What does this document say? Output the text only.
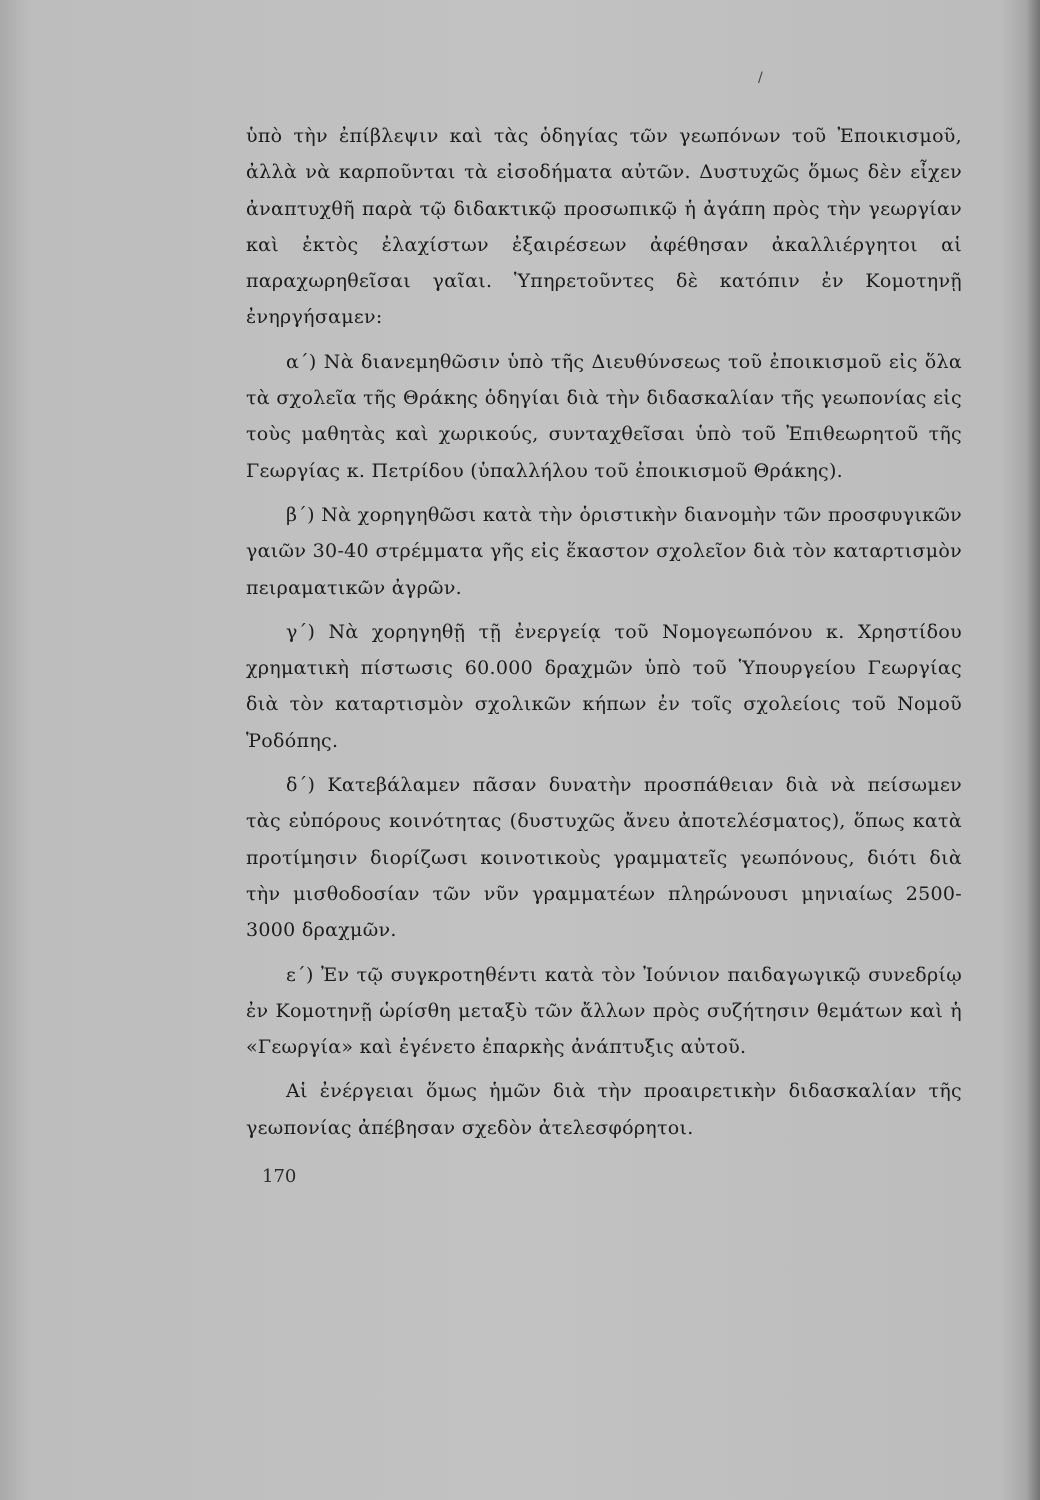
/

ὑπὸ τὴν ἐπίβλεψιν καὶ τὰς ὁδηγίας τῶν γεωπόνων τοῦ Ἐποικισμοῦ, ἀλλὰ νὰ καρποῦνται τὰ εἰσοδήματα αὐτῶν. Δυστυχῶς ὅμως δὲν εἶχεν ἀναπτυχθῆ παρὰ τῷ διδακτικῷ προσωπικῷ ἡ ἀγάπη πρὸς τὴν γεωργίαν καὶ ἐκτὸς ἐλαχίστων ἐξαιρέσεων ἀφέθησαν ἀκαλλιέργητοι αἱ παραχωρηθεῖσαι γαῖαι. Ὑπηρετοῦντες δὲ κατόπιν ἐν Κομοτηνῇ ἐνηργήσαμεν:

α΄) Νὰ διανεμηθῶσιν ὑπὸ τῆς Διευθύνσεως τοῦ ἐποικισμοῦ εἰς ὅλα τὰ σχολεῖα τῆς Θράκης ὁδηγίαι διὰ τὴν διδασκαλίαν τῆς γεωπονίας εἰς τοὺς μαθητὰς καὶ χωρικούς, συνταχθεῖσαι ὑπὸ τοῦ Ἐπιθεωρητοῦ τῆς Γεωργίας κ. Πετρίδου (ὑπαλλήλου τοῦ ἐποικισμοῦ Θράκης).

β΄) Νὰ χορηγηθῶσι κατὰ τὴν ὁριστικὴν διανομὴν τῶν προσφυγικῶν γαιῶν 30-40 στρέμματα γῆς εἰς ἕκαστον σχολεῖον διὰ τὸν καταρτισμὸν πειραματικῶν ἀγρῶν.

γ΄) Νὰ χορηγηθῇ τῇ ἐνεργείᾳ τοῦ Νομογεωπόνου κ. Χρηστίδου χρηματικὴ πίστωσις 60.000 δραχμῶν ὑπὸ τοῦ Ὑπουργείου Γεωργίας διὰ τὸν καταρτισμὸν σχολικῶν κήπων ἐν τοῖς σχολείοις τοῦ Νομοῦ Ῥοδόπης.

δ΄) Κατεβάλαμεν πᾶσαν δυνατὴν προσπάθειαν διὰ νὰ πείσωμεν τὰς εὐπόρους κοινότητας (δυστυχῶς ἄνευ ἀποτελέσματος), ὅπως κατὰ προτίμησιν διορίζωσι κοινοτικοὺς γραμματεῖς γεωπόνους, διότι διὰ τὴν μισθοδοσίαν τῶν νῦν γραμματέων πληρώνουσι μηνιαίως 2500-3000 δραχμῶν.

ε΄) Ἐν τῷ συγκροτηθέντι κατὰ τὸν Ἰούνιον παιδαγωγικῷ συνεδρίῳ ἐν Κομοτηνῇ ὡρίσθη μεταξὺ τῶν ἄλλων πρὸς συζήτησιν θεμάτων καὶ ἡ «Γεωργία» καὶ ἐγένετο ἐπαρκὴς ἀνάπτυξις αὐτοῦ.

Αἱ ἐνέργειαι ὅμως ἡμῶν διὰ τὴν προαιρετικὴν διδασκαλίαν τῆς γεωπονίας ἀπέβησαν σχεδὸν ἀτελεσφόρητοι.

170
